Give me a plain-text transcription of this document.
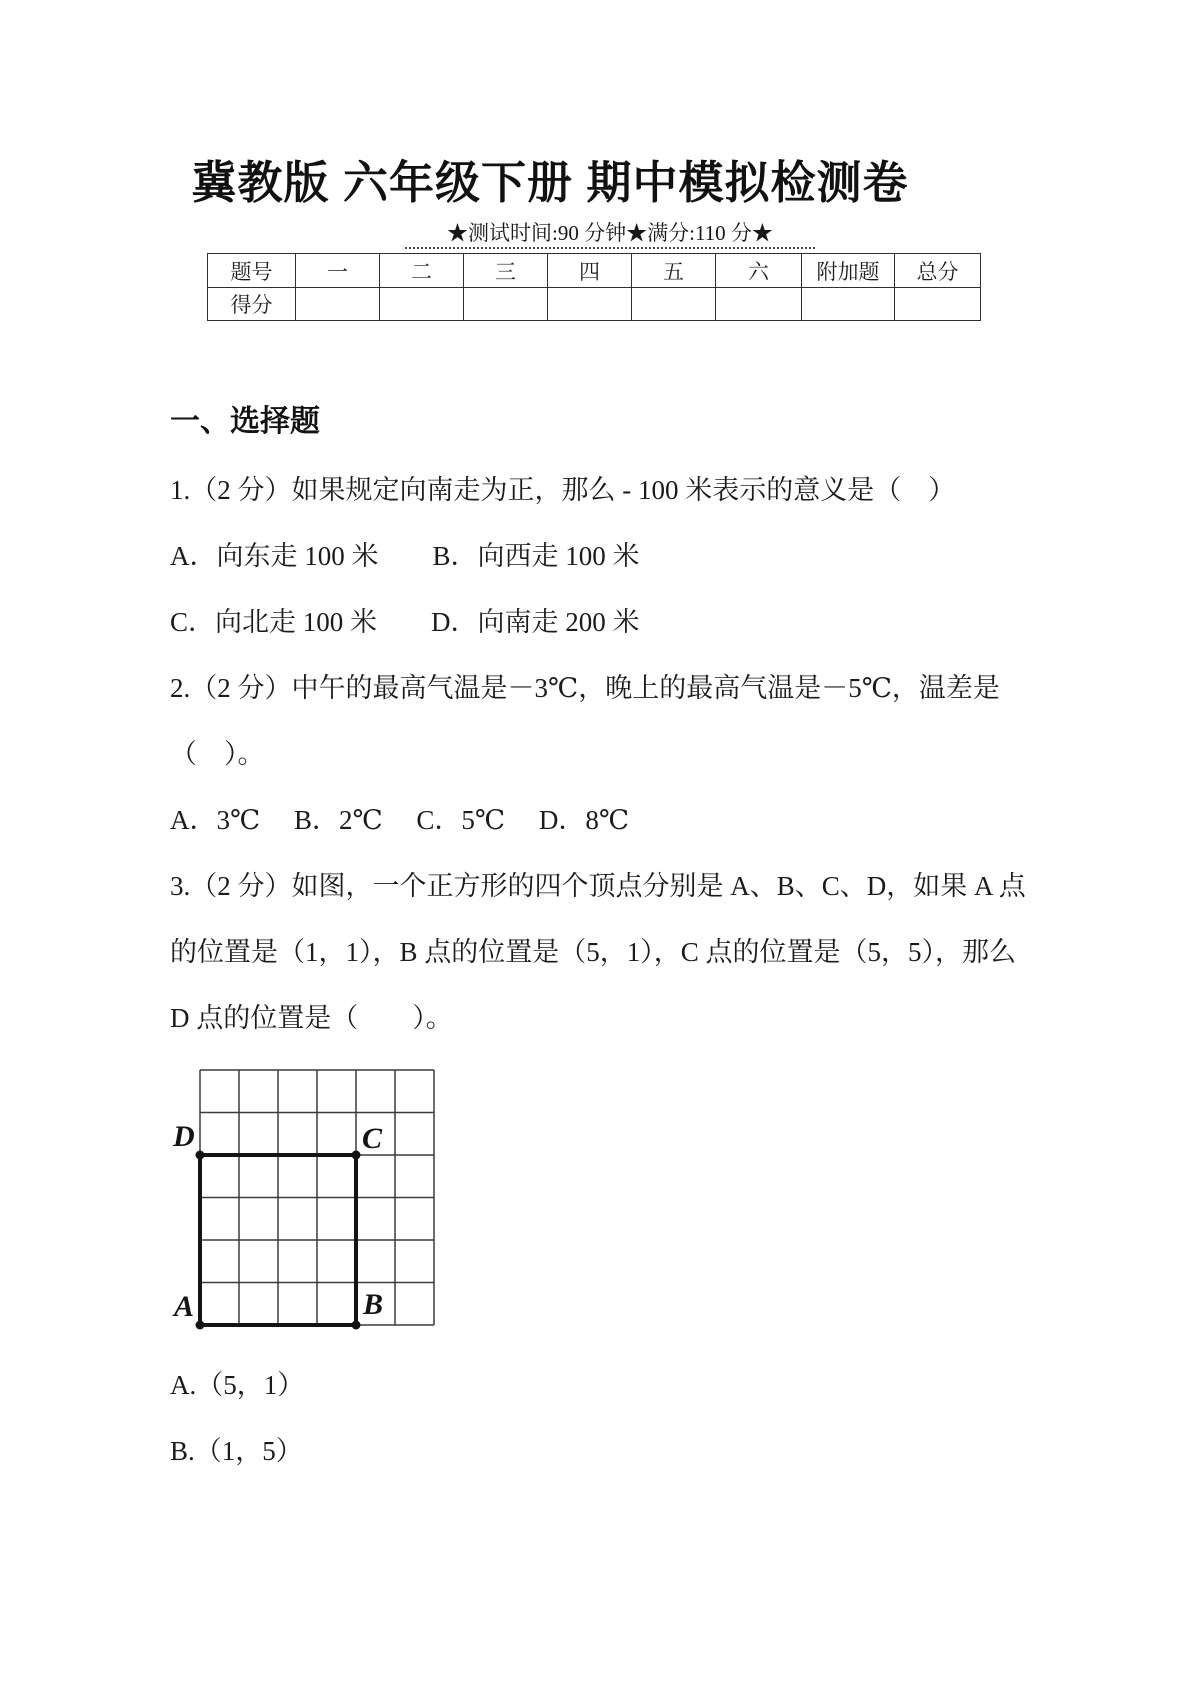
冀教版 六年级下册 期中模拟检测卷
★测试时间:90 分钟★满分:110 分★
题号	一	二	三	四	五	六	附加题	总分
得分								
一、选择题
1.（2 分）如果规定向南走为正，那么 - 100 米表示的意义是（　）
A．向东走 100 米　　B．向西走 100 米
C．向北走 100 米　　D．向南走 200 米
2.（2 分）中午的最高气温是－3℃，晚上的最高气温是－5℃，温差是
（　）。
A．3℃　 B．2℃　 C．5℃　 D．8℃
3.（2 分）如图，一个正方形的四个顶点分别是 A、B、C、D，如果 A 点
的位置是（1，1），B 点的位置是（5，1），C 点的位置是（5，5），那么
D 点的位置是（　　）。
D	C
A	B
A.（5，1）
B.（1，5）
